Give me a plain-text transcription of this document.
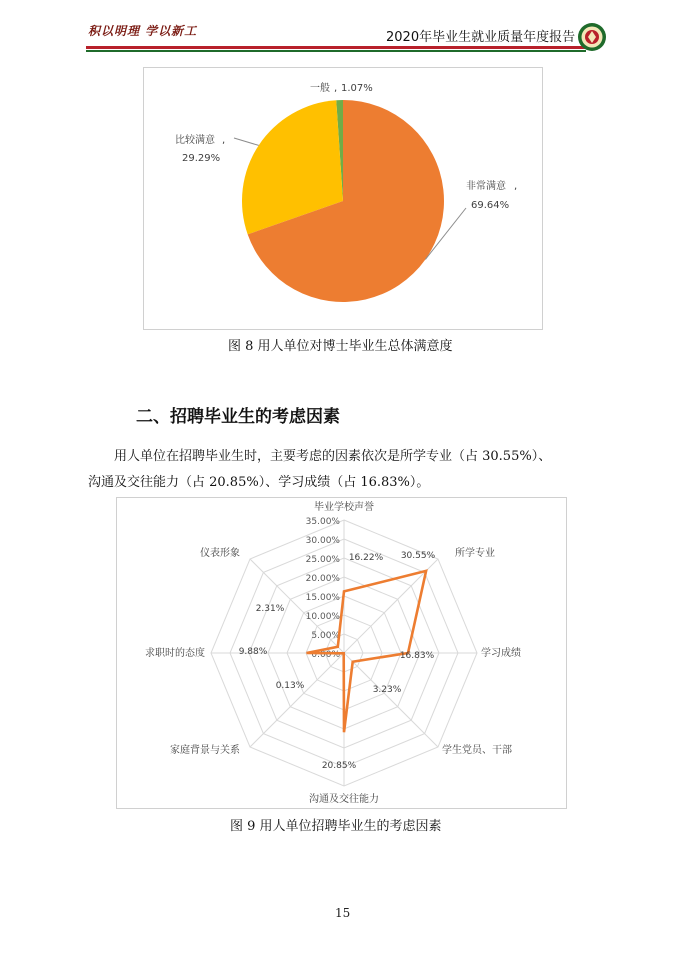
积以明理 学以新工	2020年毕业生就业质量年度报告
非常满意 ,
69.64%
比较满意 ,
29.29%
一般 , 1.07%
图 8 用人单位对博士毕业生总体满意度
二、招聘毕业生的考虑因素
用人单位在招聘毕业生时，主要考虑的因素依次是所学专业（占 30.55%）、
沟通及交往能力（占 20.85%）、学习成绩（占 16.83%）。
0.00%
5.00%
10.00%
15.00%
20.00%
25.00%
30.00%
35.00%
毕业学校声誉
所学专业
学习成绩
学生党员、干部
沟通及交往能力
家庭背景与关系
求职时的态度
仪表形象	16.22% 30.55%
16.83%
3.23%
20.85%
0.13%
9.88%
2.31%
图 9 用人单位招聘毕业生的考虑因素
15
